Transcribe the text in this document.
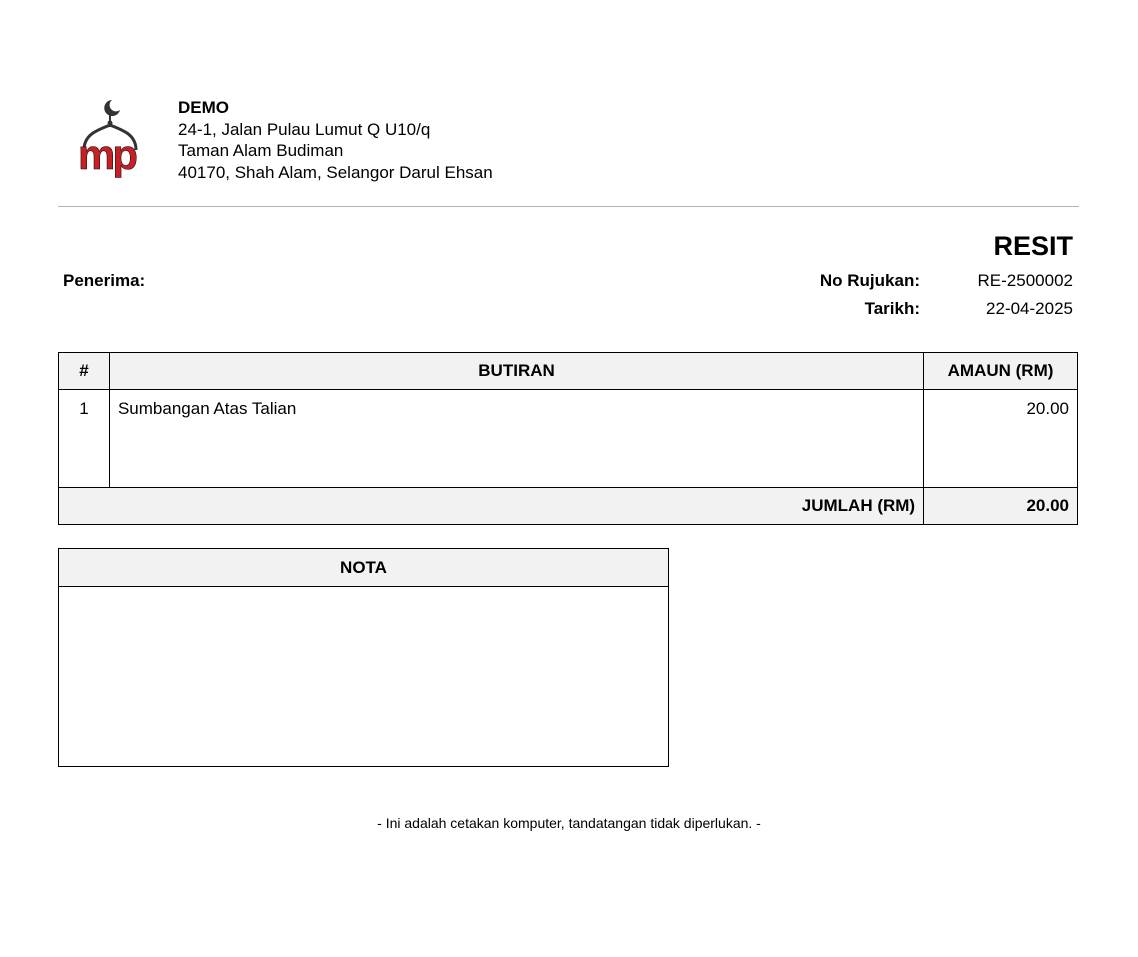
mp
DEMO
24-1, Jalan Pulau Lumut Q U10/q
Taman Alam Budiman
40170, Shah Alam, Selangor Darul Ehsan
RESIT
Penerima:	No Rujukan:	RE-2500002
Tarikh:	22-04-2025
#	BUTIRAN	AMAUN (RM)
1	Sumbangan Atas Talian	20.00
JUMLAH (RM)		20.00
NOTA
- Ini adalah cetakan komputer, tandatangan tidak diperlukan. -
